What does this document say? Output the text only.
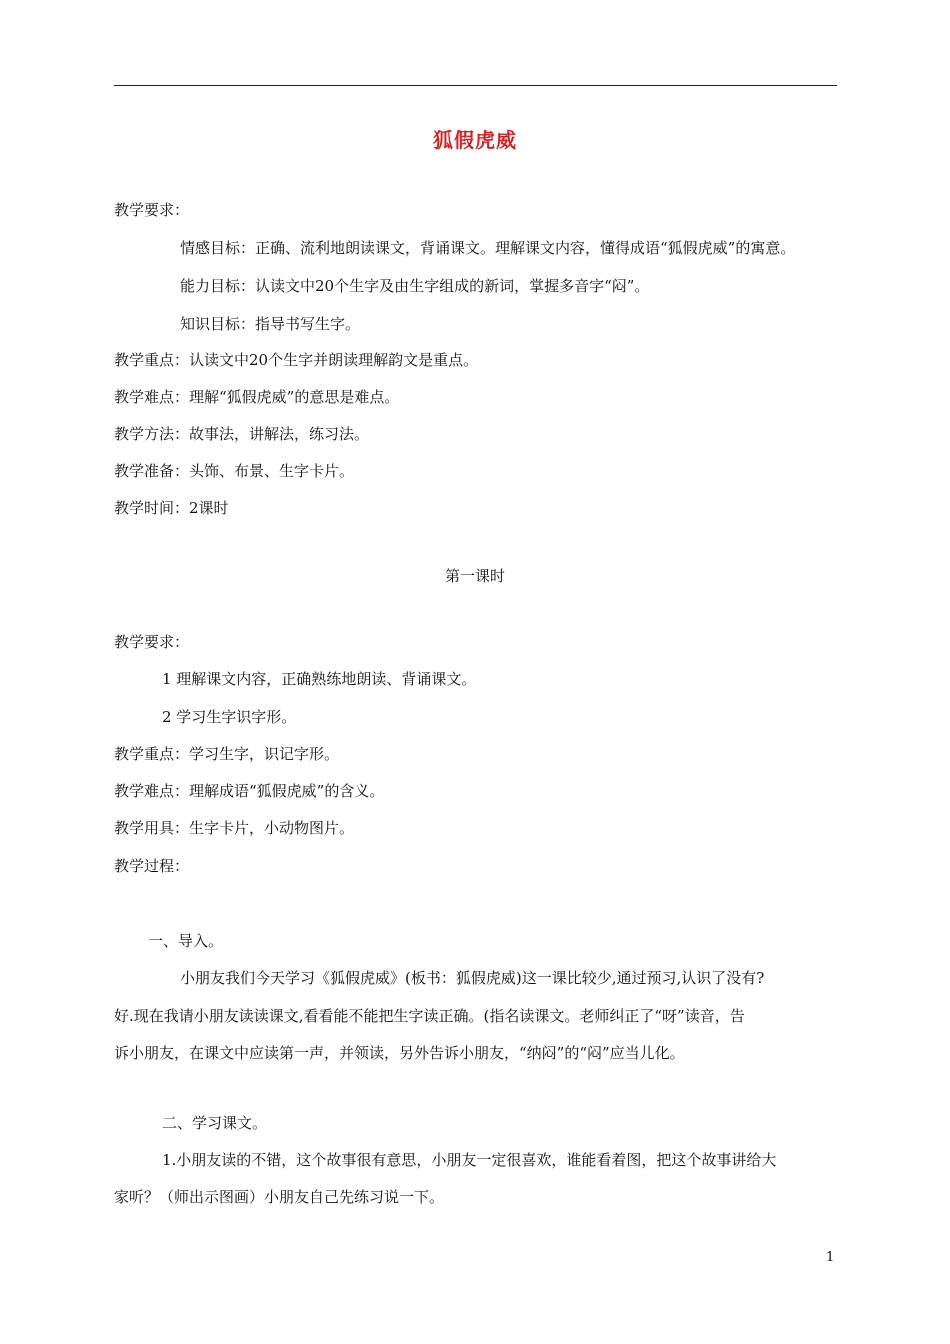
狐假虎威
教学要求：
情感目标：正确、流利地朗读课文，背诵课文。理解课文内容，懂得成语“狐假虎威”的寓意。
能力目标：认读文中20个生字及由生字组成的新词，掌握多音字“闷”。
知识目标：指导书写生字。
教学重点：认读文中20个生字并朗读理解韵文是重点。
教学难点：理解“狐假虎威”的意思是难点。
教学方法：故事法，讲解法，练习法。
教学准备：头饰、布景、生字卡片。
教学时间：2课时
第一课时
教学要求：
1 理解课文内容，正确熟练地朗读、背诵课文。
2 学习生字识字形。
教学重点：学习生字，识记字形。
教学难点：理解成语“狐假虎威”的含义。
教学用具：生字卡片，小动物图片。
教学过程：
一、导入。
小朋友我们今天学习《狐假虎威》(板书：狐假虎威)这一课比较少,通过预习,认识了没有?
好.现在我请小朋友读读课文,看看能不能把生字读正确。(指名读课文。老师纠正了“呀”读音，告
诉小朋友，在课文中应读第一声，并领读，另外告诉小朋友，“纳闷”的“闷”应当儿化。
二、学习课文。
1.小朋友读的不错，这个故事很有意思，小朋友一定很喜欢，谁能看着图，把这个故事讲给大
家听？（师出示图画）小朋友自己先练习说一下。
1
